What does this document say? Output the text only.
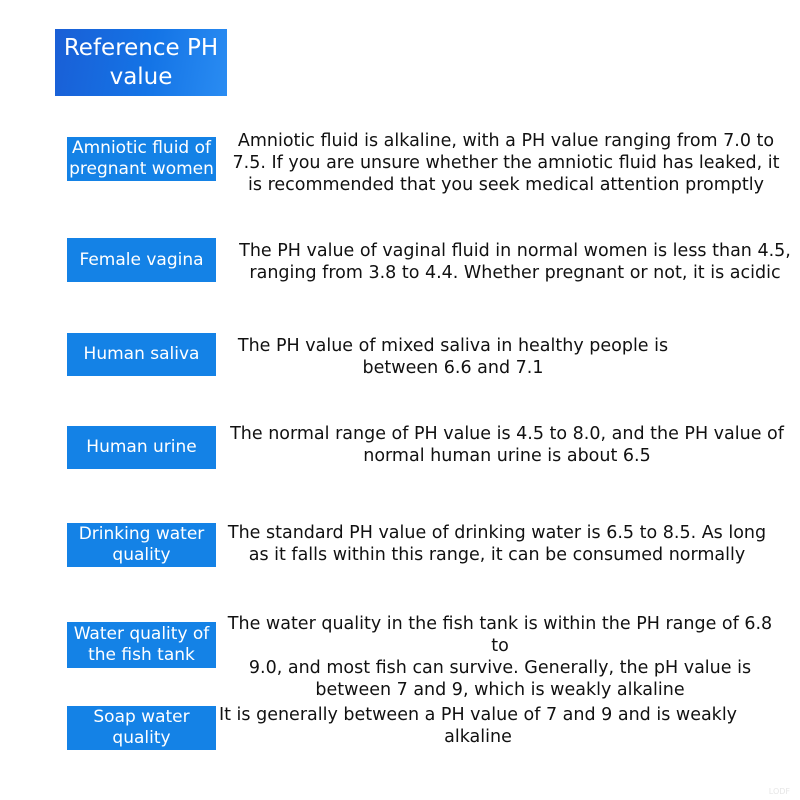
Reference PH
value
Amniotic fluid of
pregnant women
Amniotic fluid is alkaline, with a PH value ranging from 7.0 to
7.5. If you are unsure whether the amniotic fluid has leaked, it
is recommended that you seek medical attention promptly
Female vagina	The PH value of vaginal fluid in normal women is less than 4.5,
ranging from 3.8 to 4.4. Whether pregnant or not, it is acidic
Human saliva	The PH value of mixed saliva in healthy people is
between 6.6 and 7.1
Human urine
The normal range of PH value is 4.5 to 8.0, and the PH value of
normal human urine is about 6.5
Drinking water
quality
The standard PH value of drinking water is 6.5 to 8.5. As long
as it falls within this range, it can be consumed normally
Water quality of
the fish tank
The water quality in the fish tank is within the PH range of 6.8 to
9.0, and most fish can survive. Generally, the pH value is
between 7 and 9, which is weakly alkaline
Soap water
quality
It is generally between a PH value of 7 and 9 and is weakly
alkaline
LODF
